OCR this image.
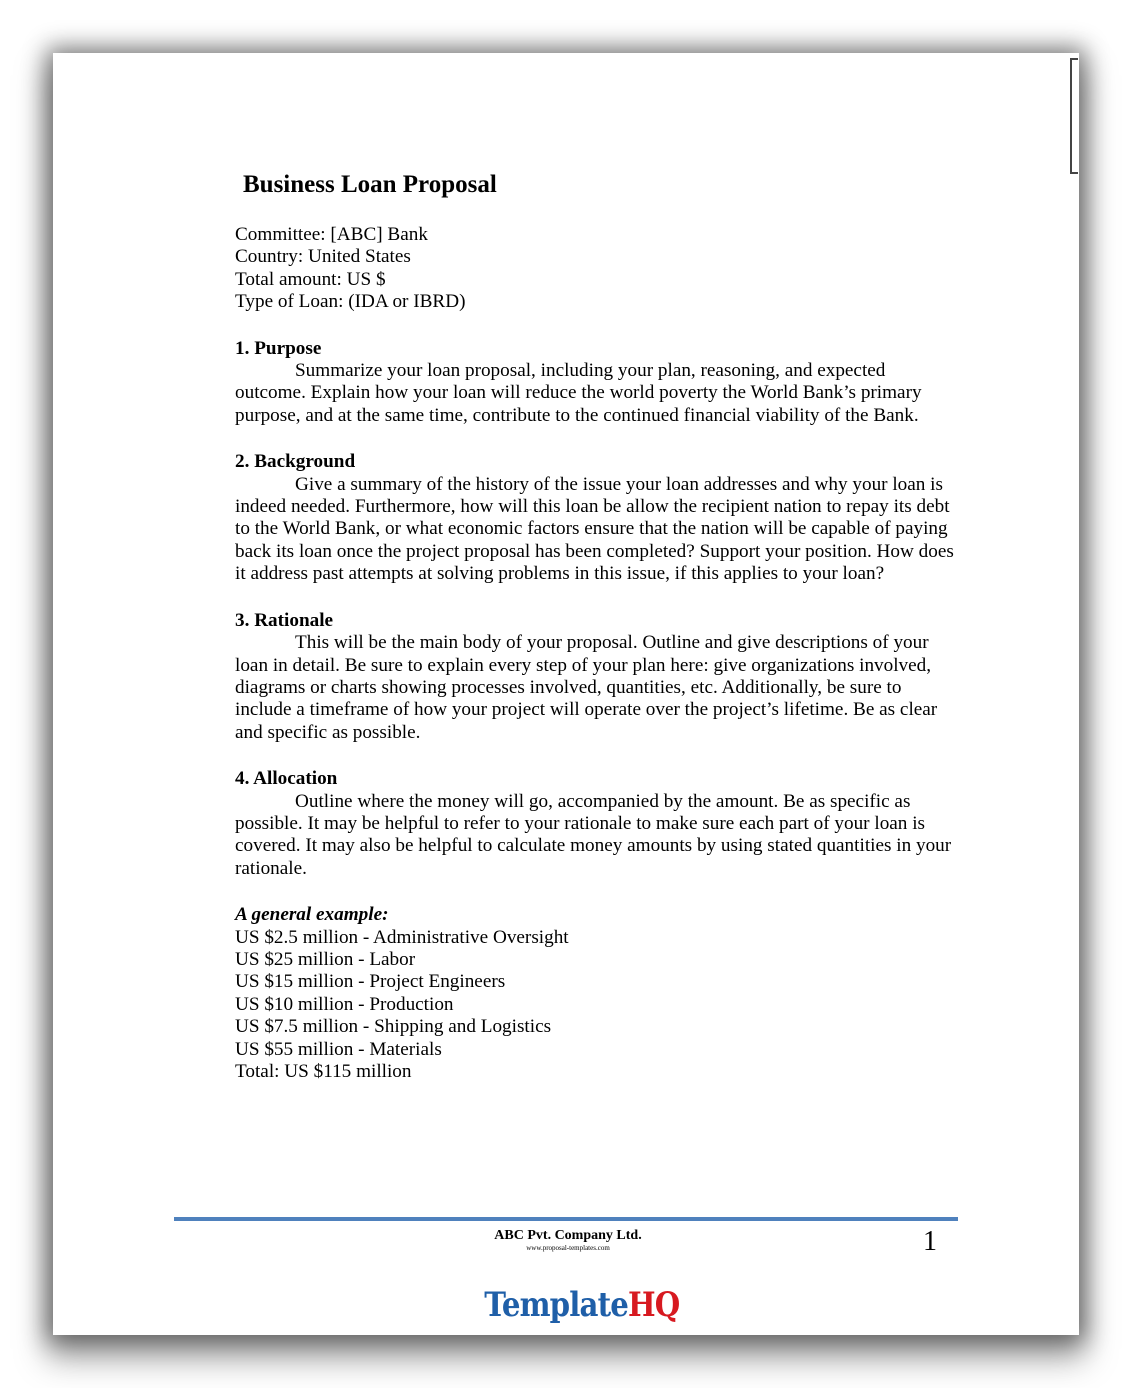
Business Loan Proposal
Committee: [ABC] Bank
Country: United States
Total amount: US $
Type of Loan: (IDA or IBRD)
1. Purpose

Summarize your loan proposal, including your plan, reasoning, and expected outcome. Explain how your loan will reduce the world poverty the World Bank’s primary purpose, and at the same time, contribute to the continued financial viability of the Bank.

2. Background

Give a summary of the history of the issue your loan addresses and why your loan is indeed needed. Furthermore, how will this loan be allow the recipient nation to repay its debt to the World Bank, or what economic factors ensure that the nation will be capable of paying back its loan once the project proposal has been completed? Support your position. How does it address past attempts at solving problems in this issue, if this applies to your loan?

3. Rationale

This will be the main body of your proposal. Outline and give descriptions of your loan in detail. Be sure to explain every step of your plan here: give organizations involved, diagrams or charts showing processes involved, quantities, etc. Additionally, be sure to include a timeframe of how your project will operate over the project’s lifetime. Be as clear and specific as possible.

4. Allocation

Outline where the money will go, accompanied by the amount. Be as specific as possible. It may be helpful to refer to your rationale to make sure each part of your loan is covered. It may also be helpful to calculate money amounts by using stated quantities in your rationale.

A general example:
US $2.5 million - Administrative Oversight
US $25 million - Labor
US $15 million - Project Engineers
US $10 million - Production
US $7.5 million - Shipping and Logistics
US $55 million - Materials
Total: US $115 million
ABC Pvt. Company Ltd.
www.proposal-templates.com	1
TemplateHQ
